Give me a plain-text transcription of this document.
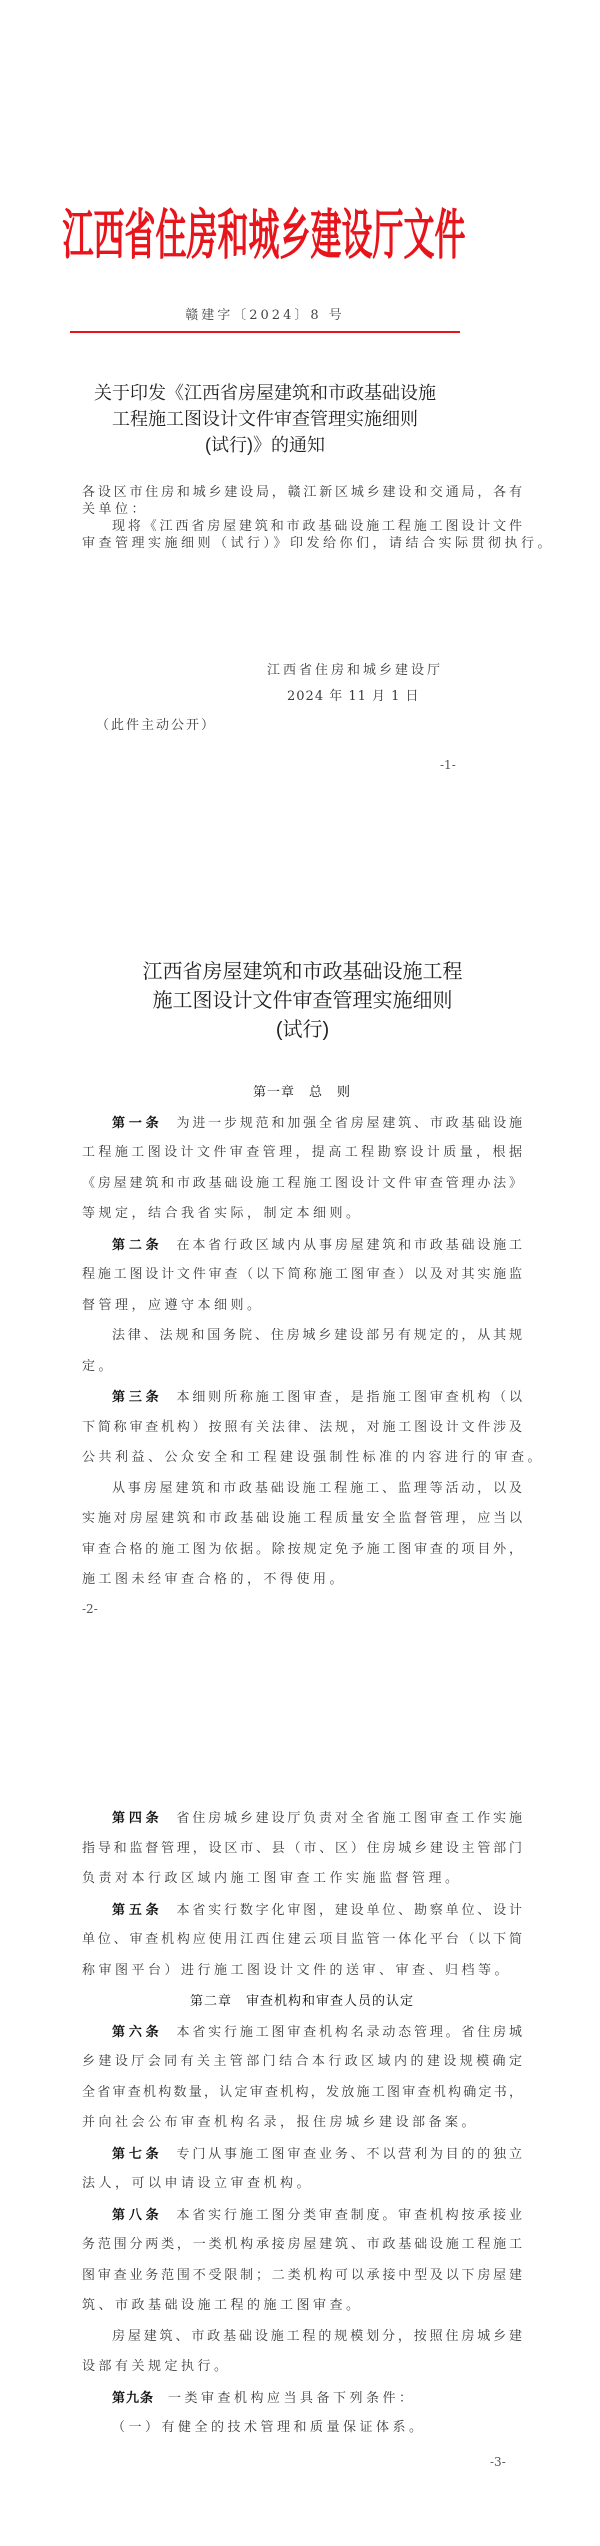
江西省住房和城乡建设厅文件
赣建字〔2024〕8 号
关于印发《江西省房屋建筑和市政基础设施
工程施工图设计文件审查管理实施细则
(试行)》的通知
各设区市住房和城乡建设局，赣江新区城乡建设和交通局，各有
关单位：
现将《江西省房屋建筑和市政基础设施工程施工图设计文件
审查管理实施细则（试行）》印发给你们，请结合实际贯彻执行。
江西省住房和城乡建设厅
2024 年 11 月 1 日
（此件主动公开）
-1-
江西省房屋建筑和市政基础设施工程
施工图设计文件审查管理实施细则
(试行)
第一章　总　则
第一条 为进一步规范和加强全省房屋建筑、市政基础设施
工程施工图设计文件审查管理，提高工程勘察设计质量，根据
《房屋建筑和市政基础设施工程施工图设计文件审查管理办法》
等规定，结合我省实际，制定本细则。
第二条 在本省行政区域内从事房屋建筑和市政基础设施工
程施工图设计文件审查（以下简称施工图审查）以及对其实施监
督管理，应遵守本细则。
法律、法规和国务院、住房城乡建设部另有规定的，从其规
定。
第三条 本细则所称施工图审查，是指施工图审查机构（以
下简称审查机构）按照有关法律、法规，对施工图设计文件涉及
公共利益、公众安全和工程建设强制性标准的内容进行的审查。
从事房屋建筑和市政基础设施工程施工、监理等活动，以及
实施对房屋建筑和市政基础设施工程质量安全监督管理，应当以
审查合格的施工图为依据。除按规定免予施工图审查的项目外，
施工图未经审查合格的，不得使用。
-2-
第四条 省住房城乡建设厅负责对全省施工图审查工作实施
指导和监督管理，设区市、县（市、区）住房城乡建设主管部门
负责对本行政区域内施工图审查工作实施监督管理。
第五条 本省实行数字化审图，建设单位、勘察单位、设计
单位、审查机构应使用江西住建云项目监管一体化平台（以下简
称审图平台）进行施工图设计文件的送审、审查、归档等。
第二章　审查机构和审查人员的认定
第六条 本省实行施工图审查机构名录动态管理。省住房城
乡建设厅会同有关主管部门结合本行政区域内的建设规模确定
全省审查机构数量，认定审查机构，发放施工图审查机构确定书，
并向社会公布审查机构名录，报住房城乡建设部备案。
第七条 专门从事施工图审查业务、不以营利为目的的独立
法人，可以申请设立审查机构。
第八条 本省实行施工图分类审查制度。审查机构按承接业
务范围分两类，一类机构承接房屋建筑、市政基础设施工程施工
图审查业务范围不受限制；二类机构可以承接中型及以下房屋建
筑、市政基础设施工程的施工图审查。
房屋建筑、市政基础设施工程的规模划分，按照住房城乡建
设部有关规定执行。
第九条 一类审查机构应当具备下列条件：
（一）有健全的技术管理和质量保证体系。
-3-
